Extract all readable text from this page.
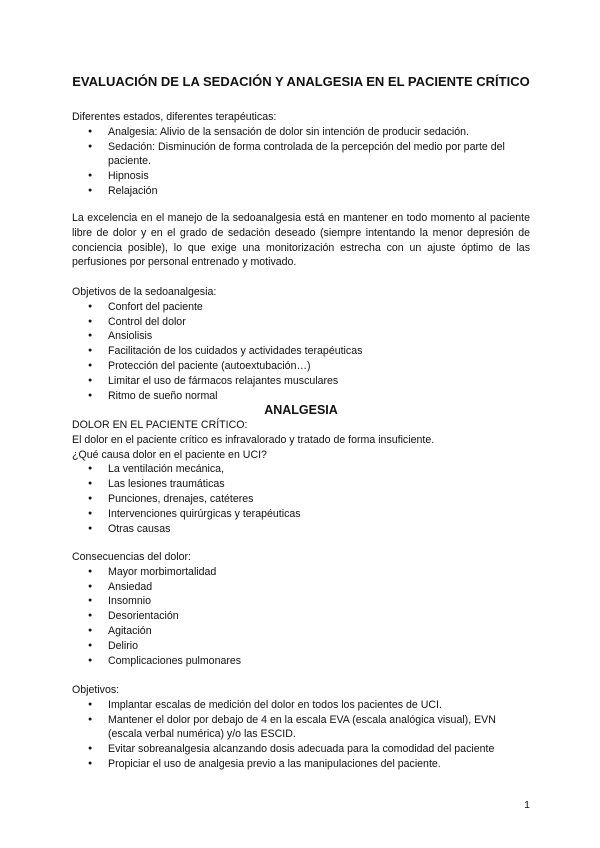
EVALUACIÓN DE LA SEDACIÓN Y ANALGESIA EN EL PACIENTE CRÍTICO

Diferentes estados, diferentes terapéuticas:

● Analgesia: Alivio de la sensación de dolor sin intención de producir sedación.
● Sedación: Disminución de forma controlada de la percepción del medio por parte del paciente.
● Hipnosis
● Relajación

La excelencia en el manejo de la sedoanalgesia está en mantener en todo momento al paciente libre de dolor y en el grado de sedación deseado (siempre intentando la menor depresión de conciencia posible), lo que exige una monitorización estrecha con un ajuste óptimo de las perfusiones por personal entrenado y motivado.

Objetivos de la sedoanalgesia:

● Confort del paciente
● Control del dolor
● Ansiolisis
● Facilitación de los cuidados y actividades terapéuticas
● Protección del paciente (autoextubación…)
● Limitar el uso de fármacos relajantes musculares
● Ritmo de sueño normal
ANALGESIA

DOLOR EN EL PACIENTE CRÍTICO:

El dolor en el paciente crítico es infravalorado y tratado de forma insuficiente.

¿Qué causa dolor en el paciente en UCI?

● La ventilación mecánica,
● Las lesiones traumáticas
● Punciones, drenajes, catéteres
● Intervenciones quirúrgicas y terapéuticas
● Otras causas

Consecuencias del dolor:

● Mayor morbimortalidad
● Ansiedad
● Insomnio
● Desorientación
● Agitación
● Delirio
● Complicaciones pulmonares

Objetivos:

● Implantar escalas de medición del dolor en todos los pacientes de UCI.
● Mantener el dolor por debajo de 4 en la escala EVA (escala analógica visual), EVN (escala verbal numérica) y/o las ESCID.
● Evitar sobreanalgesia alcanzando dosis adecuada para la comodidad del paciente
● Propiciar el uso de analgesia previo a las manipulaciones del paciente.
1
